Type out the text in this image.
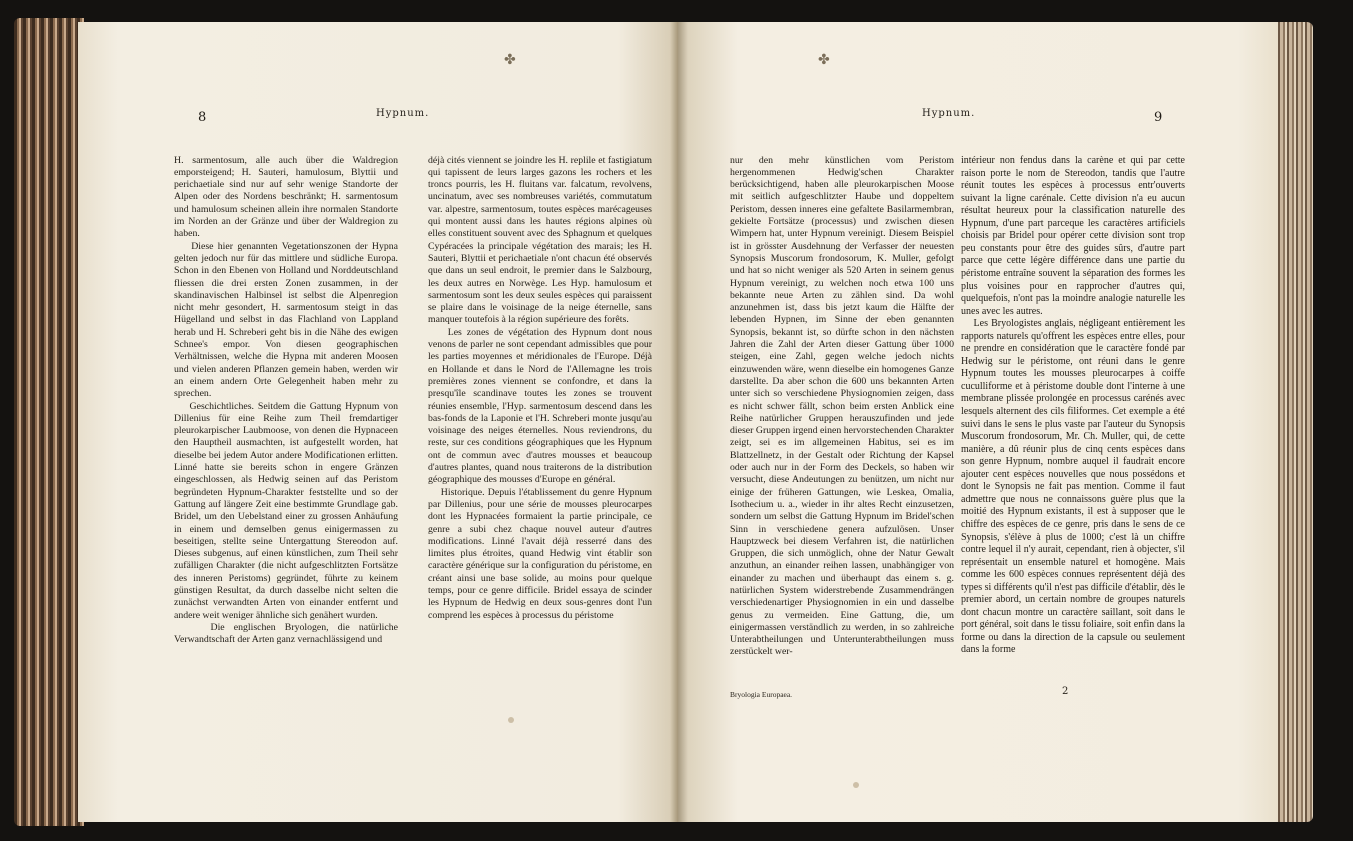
✤
8	Hypnum.

H. sarmentosum, alle auch über die Waldregion emporsteigend; H. Sauteri, hamulosum, Blyttii und perichaetiale sind nur auf sehr wenige Standorte der Alpen oder des Nordens beschränkt; H. sarmentosum und hamulosum scheinen allein ihre normalen Standorte im Norden an der Gränze und über der Waldregion zu haben.
Diese hier genannten Vegetationszonen der Hypna gelten jedoch nur für das mittlere und südliche Europa. Schon in den Ebenen von Holland und Norddeutschland fliessen die drei ersten Zonen zusammen, in der skandinavischen Halbinsel ist selbst die Alpenregion nicht mehr gesondert, H. sarmentosum steigt in das Hügelland und selbst in das Flachland von Lappland herab und H. Schreberi geht bis in die Nähe des ewigen Schnee's empor. Von diesen geographischen Verhältnissen, welche die Hypna mit anderen Moosen und vielen anderen Pflanzen gemein haben, werden wir an einem andern Orte Gelegenheit haben mehr zu sprechen.
Geschichtliches. Seitdem die Gattung Hypnum von Dillenius für eine Reihe zum Theil fremdartiger pleurokarpischer Laubmoose, von denen die Hypnaceen den Hauptheil ausmachten, ist aufgestellt worden, hat dieselbe bei jedem Autor andere Modificationen erlitten. Linné hatte sie bereits schon in engere Gränzen eingeschlossen, als Hedwig seinen auf das Peristom begründeten Hypnum-Charakter feststellte und so der Gattung auf längere Zeit eine bestimmte Grundlage gab. Bridel, um den Uebelstand einer zu grossen Anhäufung in einem und demselben genus einigermassen zu beseitigen, stellte seine Untergattung Stereodon auf. Dieses subgenus, auf einen künstlichen, zum Theil sehr zufälligen Charakter (die nicht aufgeschlitzten Fortsätze des inneren Peristoms) gegründet, führte zu keinem günstigen Resultat, da durch dasselbe nicht selten die zunächst verwandten Arten von einander entfernt und andere weit weniger ähnliche sich genähert wurden.
Die englischen Bryologen, die natürliche Verwandtschaft der Arten ganz vernachlässigend und

déjà cités viennent se joindre les H. replile et fastigiatum qui tapissent de leurs larges gazons les rochers et les troncs pourris, les H. fluitans var. falcatum, revolvens, uncinatum, avec ses nombreuses variétés, commutatum var. alpestre, sarmentosum, toutes espèces marécageuses qui montent aussi dans les hautes régions alpines où elles constituent souvent avec des Sphagnum et quelques Cypéracées la principale végétation des marais; les H. Sauteri, Blyttii et perichaetiale n'ont chacun été observés que dans un seul endroit, le premier dans le Salzbourg, les deux autres en Norwège. Les Hyp. hamulosum et sarmentosum sont les deux seules espèces qui paraissent se plaire dans le voisinage de la neige éternelle, sans manquer toutefois à la région supérieure des forêts.
Les zones de végétation des Hypnum dont nous venons de parler ne sont cependant admissibles que pour les parties moyennes et méridionales de l'Europe. Déjà en Hollande et dans le Nord de l'Allemagne les trois premières zones viennent se confondre, et dans la presqu'île scandinave toutes les zones se trouvent réunies ensemble, l'Hyp. sarmentosum descend dans les bas-fonds de la Laponie et l'H. Schreberi monte jusqu'au voisinage des neiges éternelles. Nous reviendrons, du reste, sur ces conditions géographiques que les Hypnum ont de commun avec d'autres mousses et beaucoup d'autres plantes, quand nous traiterons de la distribution géographique des mousses d'Europe en général.
Historique. Depuis l'établissement du genre Hypnum par Dillenius, pour une série de mousses pleurocarpes dont les Hypnacées formaient la partie principale, ce genre a subi chez chaque nouvel auteur d'autres modifications. Linné l'avait déjà resserré dans des limites plus étroites, quand Hedwig vint établir son caractère générique sur la configuration du péristome, en créant ainsi une base solide, au moins pour quelque temps, pour ce genre difficile. Bridel essaya de scinder les Hypnum de Hedwig en deux sous-genres dont l'un comprend les espèces à processus du péristome

✤
Hypnum.	9

nur den mehr künstlichen vom Peristom hergenommenen Hedwig'schen Charakter berücksichtigend, haben alle pleurokarpischen Moose mit seitlich aufgeschlitzter Haube und doppeltem Peristom, dessen inneres eine gefaltete Basilarmembran, gekielte Fortsätze (processus) und zwischen diesen Wimpern hat, unter Hypnum vereinigt. Diesem Beispiel ist in grösster Ausdehnung der Verfasser der neuesten Synopsis Muscorum frondosorum, K. Muller, gefolgt und hat so nicht weniger als 520 Arten in seinem genus Hypnum vereinigt, zu welchen noch etwa 100 uns bekannte neue Arten zu zählen sind. Da wohl anzunehmen ist, dass bis jetzt kaum die Hälfte der lebenden Hypnen, im Sinne der eben genannten Synopsis, bekannt ist, so dürfte schon in den nächsten Jahren die Zahl der Arten dieser Gattung über 1000 steigen, eine Zahl, gegen welche jedoch nichts einzuwenden wäre, wenn dieselbe ein homogenes Ganze darstellte. Da aber schon die 600 uns bekannten Arten unter sich so verschiedene Physiognomien zeigen, dass es nicht schwer fällt, schon beim ersten Anblick eine Reihe natürlicher Gruppen herauszufinden und jede dieser Gruppen irgend einen hervorstechenden Charakter zeigt, sei es im allgemeinen Habitus, sei es im Blattzellnetz, in der Gestalt oder Richtung der Kapsel oder auch nur in der Form des Deckels, so haben wir versucht, diese Andeutungen zu benützen, um nicht nur einige der früheren Gattungen, wie Leskea, Omalia, Isothecium u. a., wieder in ihr altes Recht einzusetzen, sondern um selbst die Gattung Hypnum im Bridel'schen Sinn in verschiedene genera aufzulösen. Unser Hauptzweck bei diesem Verfahren ist, die natürlichen Gruppen, die sich unmöglich, ohne der Natur Gewalt anzuthun, an einander reihen lassen, unabhängiger von einander zu machen und überhaupt das einem s. g. natürlichen System widerstrebende Zusammendrängen verschiedenartiger Physiognomien in ein und dasselbe genus zu vermeiden. Eine Gattung, die, um einigermassen verständlich zu werden, in so zahlreiche Unterabtheilungen und Unterunterabtheilungen muss zerstückelt wer-

intérieur non fendus dans la carène et qui par cette raison porte le nom de Stereodon, tandis que l'autre réunit toutes les espèces à processus entr'ouverts suivant la ligne carénale. Cette division n'a eu aucun résultat heureux pour la classification naturelle des Hypnum, d'une part parceque les caractères artificiels choisis par Bridel pour opérer cette division sont trop peu constants pour être des guides sûrs, d'autre part parce que cette légère différence dans une partie du péristome entraîne souvent la séparation des formes les plus voisines pour en rapprocher d'autres qui, quelquefois, n'ont pas la moindre analogie naturelle les unes avec les autres.
Les Bryologistes anglais, négligeant entièrement les rapports naturels qu'offrent les espèces entre elles, pour ne prendre en considération que le caractère fondé par Hedwig sur le péristome, ont réuni dans le genre Hypnum toutes les mousses pleurocarpes à coiffe cuculliforme et à péristome double dont l'interne à une membrane plissée prolongée en processus carénés avec lesquels alternent des cils filiformes. Cet exemple a été suivi dans le sens le plus vaste par l'auteur du Synopsis Muscorum frondosorum, Mr. Ch. Muller, qui, de cette manière, a dû réunir plus de cinq cents espèces dans son genre Hypnum, nombre auquel il faudrait encore ajouter cent espèces nouvelles que nous possédons et dont le Synopsis ne fait pas mention. Comme il faut admettre que nous ne connaissons guère plus que la moitié des Hypnum existants, il est à supposer que le chiffre des espèces de ce genre, pris dans le sens de ce Synopsis, s'élève à plus de 1000; c'est là un chiffre contre lequel il n'y aurait, cependant, rien à objecter, s'il représentait un ensemble naturel et homogène. Mais comme les 600 espèces connues représentent déjà des types si différents qu'il n'est pas difficile d'établir, dès le premier abord, un certain nombre de groupes naturels dont chacun montre un caractère saillant, soit dans le port général, soit dans le tissu foliaire, soit enfin dans la forme ou dans la direction de la capsule ou seulement dans la forme

Bryologia Europaea.	2
